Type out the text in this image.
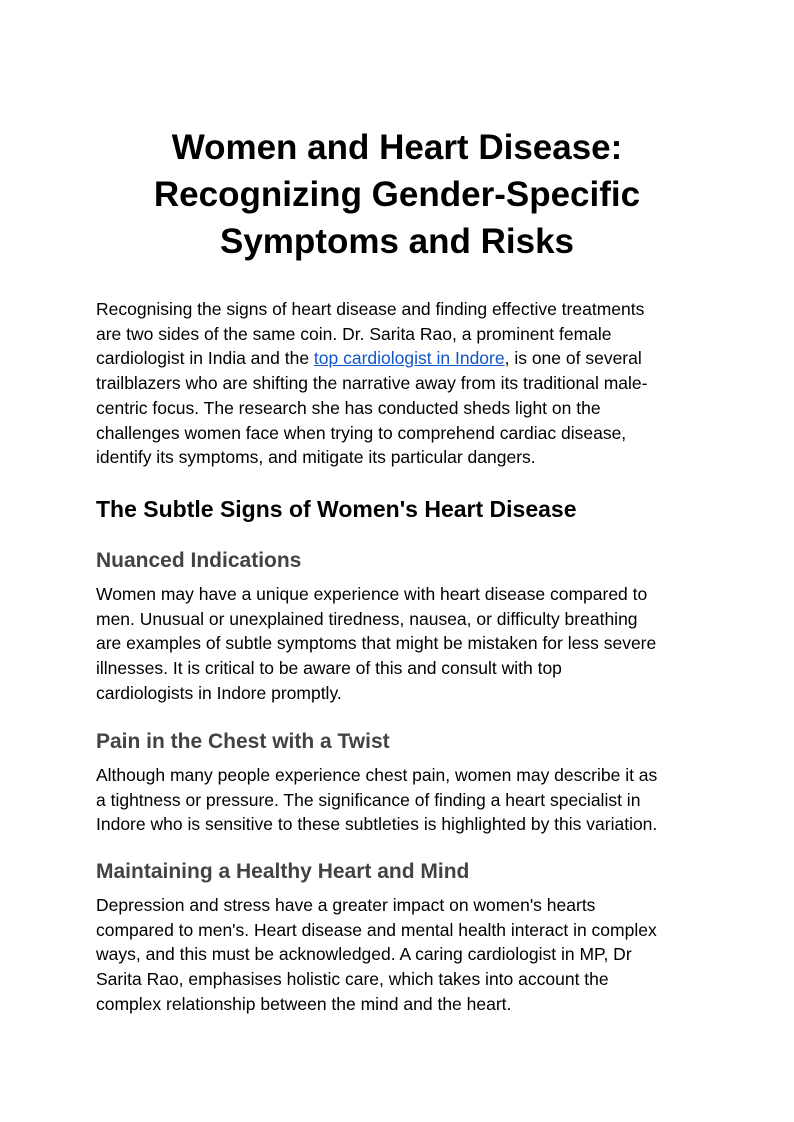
Women and Heart Disease:
Recognizing Gender-Specific
Symptoms and Risks

Recognising the signs of heart disease and finding effective treatments
are two sides of the same coin. Dr. Sarita Rao, a prominent female
cardiologist in India and the top cardiologist in Indore, is one of several
trailblazers who are shifting the narrative away from its traditional male-
centric focus. The research she has conducted sheds light on the
challenges women face when trying to comprehend cardiac disease,
identify its symptoms, and mitigate its particular dangers.

The Subtle Signs of Women's Heart Disease
Nuanced Indications

Women may have a unique experience with heart disease compared to
men. Unusual or unexplained tiredness, nausea, or difficulty breathing
are examples of subtle symptoms that might be mistaken for less severe
illnesses. It is critical to be aware of this and consult with top
cardiologists in Indore promptly.

Pain in the Chest with a Twist

Although many people experience chest pain, women may describe it as
a tightness or pressure. The significance of finding a heart specialist in
Indore who is sensitive to these subtleties is highlighted by this variation.

Maintaining a Healthy Heart and Mind

Depression and stress have a greater impact on women's hearts
compared to men's. Heart disease and mental health interact in complex
ways, and this must be acknowledged. A caring cardiologist in MP, Dr
Sarita Rao, emphasises holistic care, which takes into account the
complex relationship between the mind and the heart.
